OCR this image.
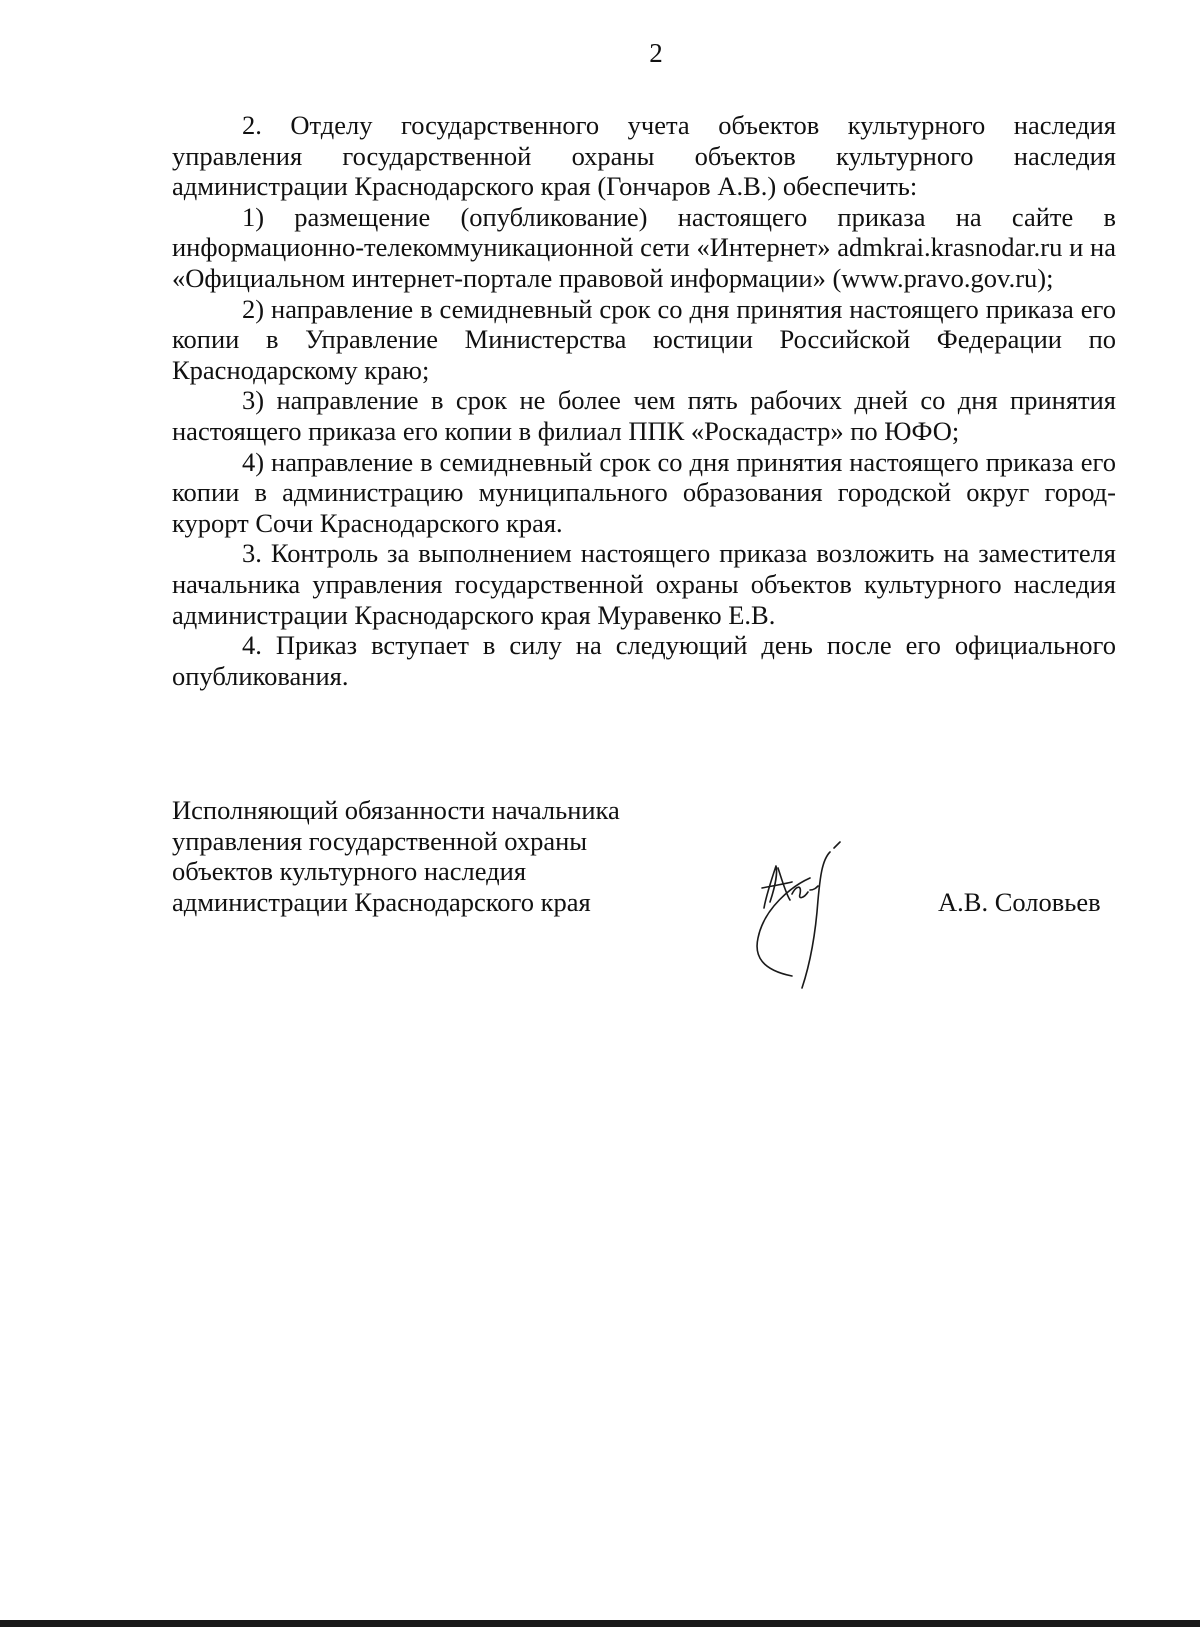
2

2. Отделу государственного учета объектов культурного наследия управления государственной охраны объектов культурного наследия администрации Краснодарского края (Гончаров А.В.) обеспечить:

1) размещение (опубликование) настоящего приказа на сайте в информационно-телекоммуникационной сети «Интернет» admkrai.krasnodar.ru и на «Официальном интернет-портале правовой информации» (www.pravo.gov.ru);

2) направление в семидневный срок со дня принятия настоящего приказа его копии в Управление Министерства юстиции Российской Федерации по Краснодарскому краю;

3) направление в срок не более чем пять рабочих дней со дня принятия настоящего приказа его копии в филиал ППК «Роскадастр» по ЮФО;

4) направление в семидневный срок со дня принятия настоящего приказа его копии в администрацию муниципального образования городской округ город-курорт Сочи Краснодарского края.

3. Контроль за выполнением настоящего приказа возложить на заместителя начальника управления государственной охраны объектов культурного наследия администрации Краснодарского края Муравенко Е.В.

4. Приказ вступает в силу на следующий день после его официального опубликования.

Исполняющий обязанности начальника

управления государственной охраны

объектов культурного наследия

администрации Краснодарского края	А.В. Соловьев
